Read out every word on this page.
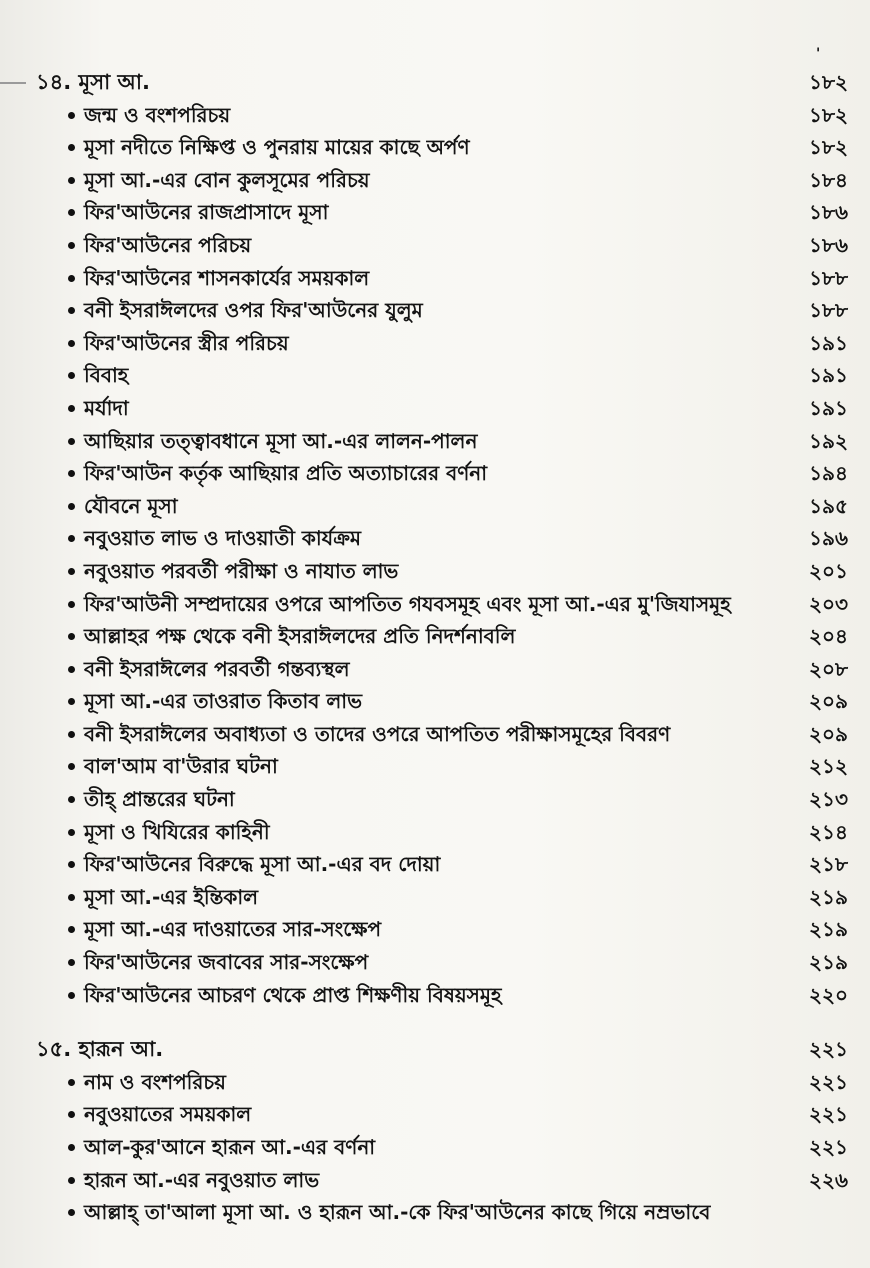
'
১৪. মূসা আ.	১৮২
জন্ম ও বংশপরিচয়	১৮২
মূসা নদীতে নিক্ষিপ্ত ও পুনরায় মায়ের কাছে অর্পণ	১৮২
মূসা আ.-এর বোন কুলসূমের পরিচয়	১৮৪
ফির'আউনের রাজপ্রাসাদে মূসা	১৮৬
ফির'আউনের পরিচয়	১৮৬
ফির'আউনের শাসনকার্যের সময়কাল	১৮৮
বনী ইসরাঈলদের ওপর ফির'আউনের যুলুম	১৮৮
ফির'আউনের স্ত্রীর পরিচয়	১৯১
বিবাহ	১৯১
মর্যাদা	১৯১
আছিয়ার তত্ত্বাবধানে মূসা আ.-এর লালন-পালন	১৯২
ফির'আউন কর্তৃক আছিয়ার প্রতি অত্যাচারের বর্ণনা	১৯৪
যৌবনে মূসা	১৯৫
নবুওয়াত লাভ ও দাওয়াতী কার্যক্রম	১৯৬
নবুওয়াত পরবর্তী পরীক্ষা ও নাযাত লাভ	২০১
ফির'আউনী সম্প্রদায়ের ওপরে আপতিত গযবসমূহ এবং মূসা আ.-এর মু'জিযাসমূহ	২০৩
আল্লাহর পক্ষ থেকে বনী ইসরাঈলদের প্রতি নিদর্শনাবলি	২০৪
বনী ইসরাঈলের পরবর্তী গন্তব্যস্থল	২০৮
মূসা আ.-এর তাওরাত কিতাব লাভ	২০৯
বনী ইসরাঈলের অবাধ্যতা ও তাদের ওপরে আপতিত পরীক্ষাসমূহের বিবরণ	২০৯
বাল'আম বা'উরার ঘটনা	২১২
তীহ্ প্রান্তরের ঘটনা	২১৩
মূসা ও খিযিরের কাহিনী	২১৪
ফির'আউনের বিরুদ্ধে মূসা আ.-এর বদ দোয়া	২১৮
মূসা আ.-এর ইন্তিকাল	২১৯
মূসা আ.-এর দাওয়াতের সার-সংক্ষেপ	২১৯
ফির'আউনের জবাবের সার-সংক্ষেপ	২১৯
ফির'আউনের আচরণ থেকে প্রাপ্ত শিক্ষণীয় বিষয়সমূহ	২২০
১৫. হারূন আ.	২২১
নাম ও বংশপরিচয়	২২১
নবুওয়াতের সময়কাল	২২১
আল-কুর'আনে হারূন আ.-এর বর্ণনা	২২১
হারূন আ.-এর নবুওয়াত লাভ	২২৬
আল্লাহ্ তা'আলা মূসা আ. ও হারূন আ.-কে ফির'আউনের কাছে গিয়ে নম্রভাবে
